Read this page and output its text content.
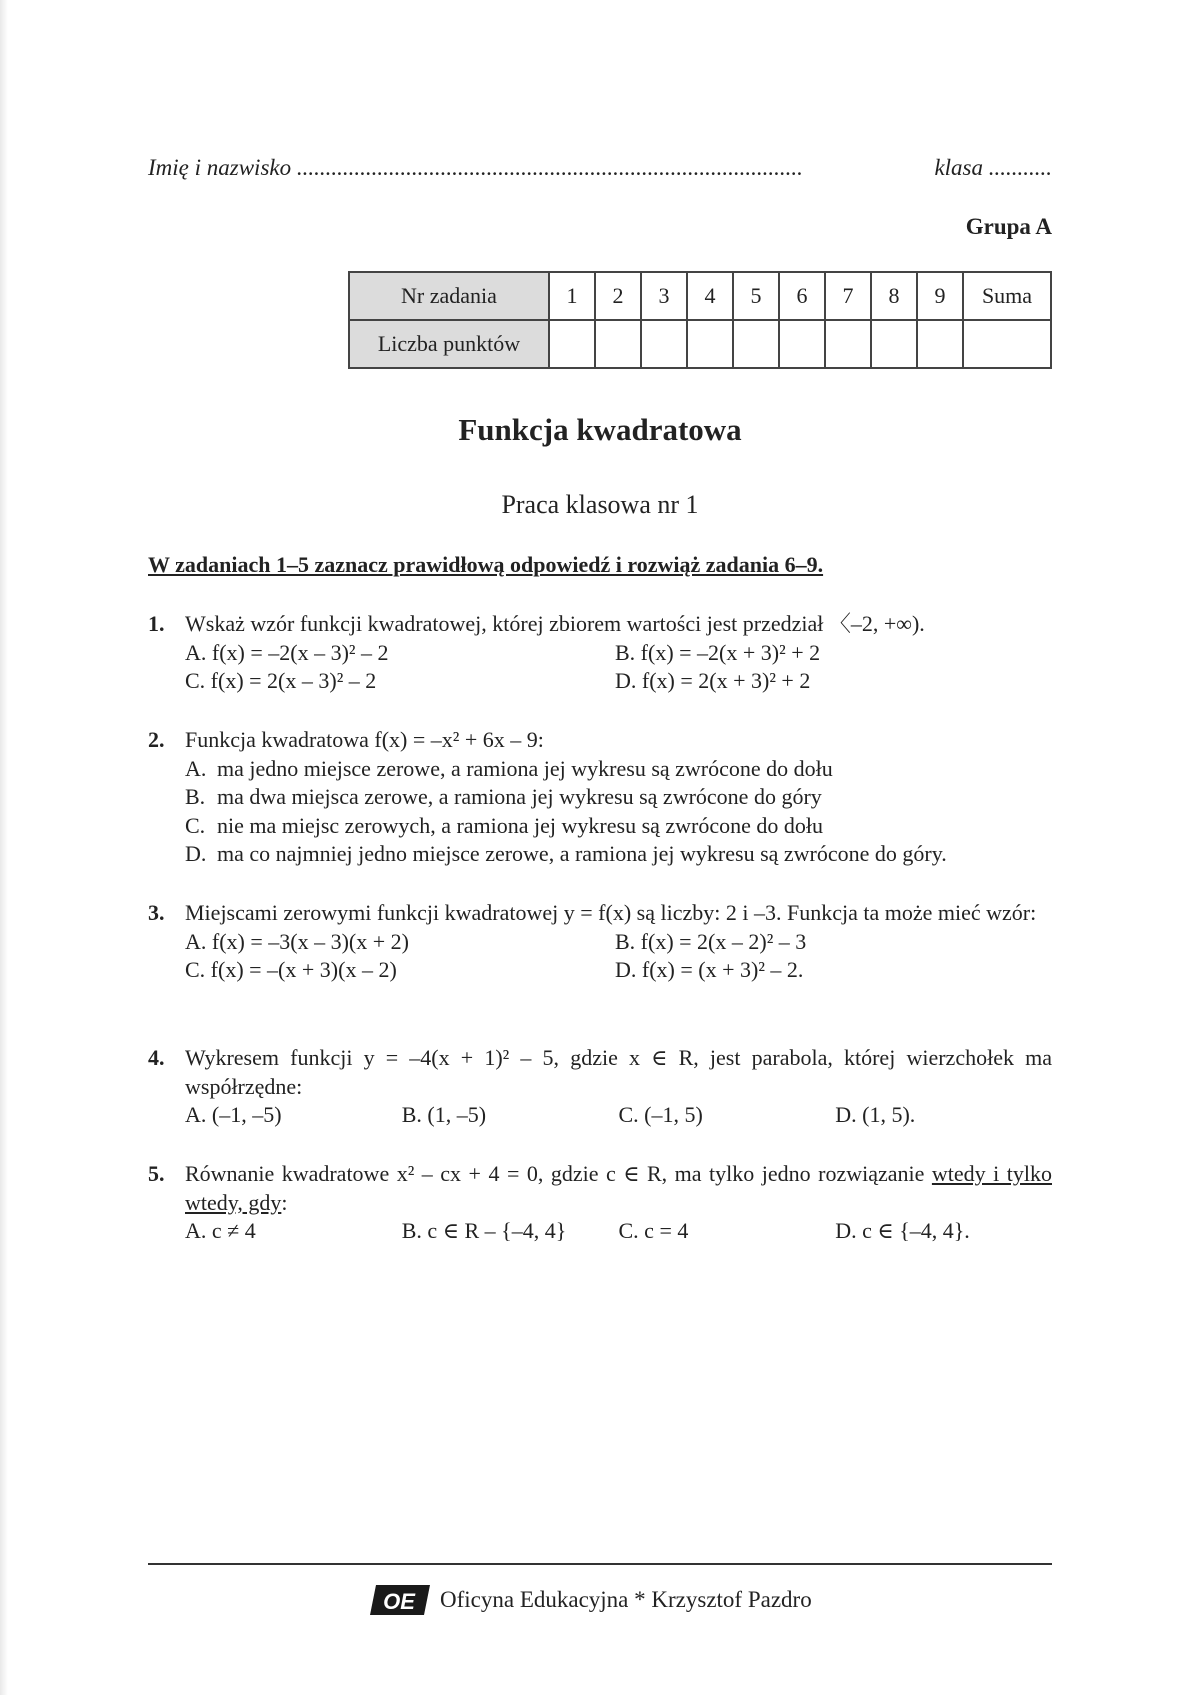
Imię i nazwisko ........................................................................................	klasa ...........
Grupa A
Nr zadania	1	2	3	4	5	6	7	8	9	Suma
Liczba punktów										
Funkcja kwadratowa
Praca klasowa nr 1
W zadaniach 1–5 zaznacz prawidłową odpowiedź i rozwiąż zadania 6–9.
1. Wskaż wzór funkcji kwadratowej, której zbiorem wartości jest przedział 〈–2, +∞).
A. f(x) = –2(x – 3)² – 2	B. f(x) = –2(x + 3)² + 2
C. f(x) = 2(x – 3)² – 2	D. f(x) = 2(x + 3)² + 2
2. Funkcja kwadratowa f(x) = –x² + 6x – 9:
A. ma jedno miejsce zerowe, a ramiona jej wykresu są zwrócone do dołu
B. ma dwa miejsca zerowe, a ramiona jej wykresu są zwrócone do góry
C. nie ma miejsc zerowych, a ramiona jej wykresu są zwrócone do dołu
D. ma co najmniej jedno miejsce zerowe, a ramiona jej wykresu są zwrócone do góry.
3. Miejscami zerowymi funkcji kwadratowej y = f(x) są liczby: 2 i –3. Funkcja ta może mieć wzór:
A. f(x) = –3(x – 3)(x + 2)	B. f(x) = 2(x – 2)² – 3
C. f(x) = –(x + 3)(x – 2)	D. f(x) = (x + 3)² – 2.
4. Wykresem funkcji y = –4(x + 1)² – 5, gdzie x ∈ R, jest parabola, której wierzchołek ma współrzędne:
A. (–1, –5)	B. (1, –5)	C. (–1, 5)	D. (1, 5).
5. Równanie kwadratowe x² – cx + 4 = 0, gdzie c ∈ R, ma tylko jedno rozwiązanie wtedy i tylko wtedy, gdy:
A. c ≠ 4	B. c ∈ R – {–4, 4}	C. c = 4	D. c ∈ {–4, 4}.
OE Oficyna Edukacyjna * Krzysztof Pazdro
